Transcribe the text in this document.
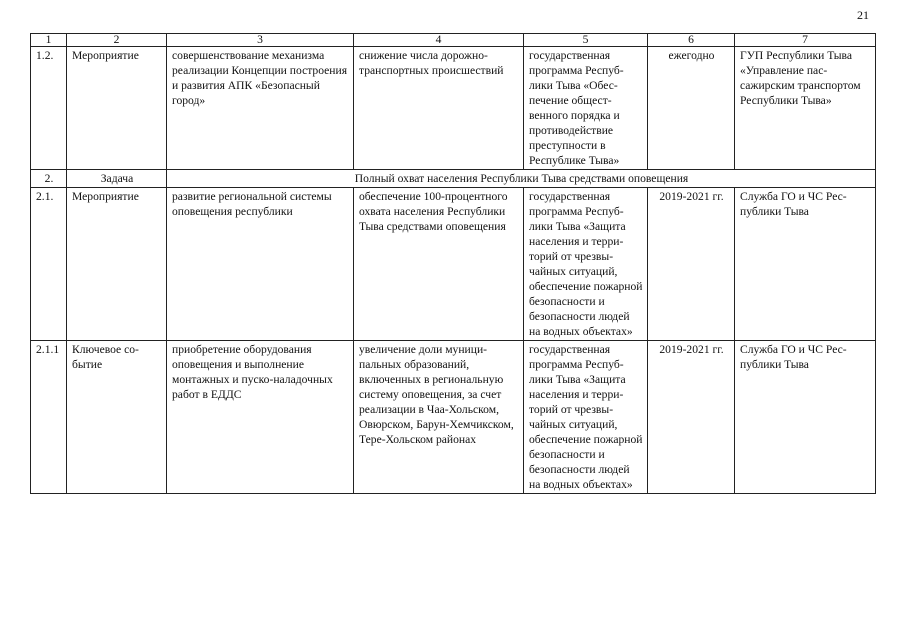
21
1	2	3	4	5	6	7
1.2.	Мероприятие	совершенствование механизма реализации Концепции построения и развития АПК «Безопасный город»	снижение числа дорожно-транспортных происшествий	государственная программа Республики Тыва «Обеспечение общественного порядка и противодействие преступности в Республике Тыва»	ежегодно	ГУП Республики Тыва «Управление пассажирским транспортом Республики Тыва»
2.	Задача	Полный охват населения Республики Тыва средствами оповещения				
2.1.	Мероприятие	развитие региональной системы оповещения республики	обеспечение 100-процентного охвата населения Республики Тыва средствами оповещения	государственная программа Республики Тыва «Защита населения и территорий от чрезвычайных ситуаций, обеспечение пожарной безопасности и безопасности людей на водных объектах»	2019-2021 гг.	Служба ГО и ЧС Республики Тыва
2.1.1	Ключевое событие	приобретение оборудования оповещения и выполнение монтажных и пуско-наладочных работ в ЕДДС	увеличение доли муниципальных образований, включенных в региональную систему оповещения, за счет реализации в Чаа-Хольском, Овюрском, Барун-Хемчикском, Тере-Хольском районах	государственная программа Республики Тыва «Защита населения и территорий от чрезвычайных ситуаций, обеспечение пожарной безопасности и безопасности людей на водных объектах»	2019-2021 гг.	Служба ГО и ЧС Республики Тыва
